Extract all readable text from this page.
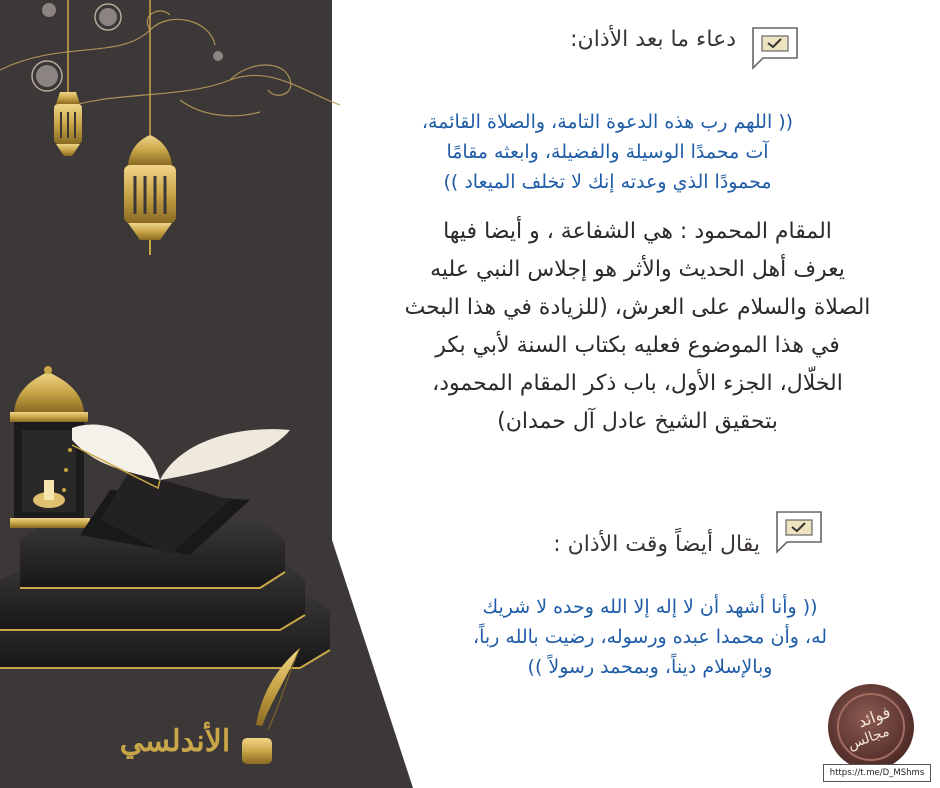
فوائد
مجالس
الأندلسي
دعاء ما بعد الأذان:
(( اللهم رب هذه الدعوة التامة، والصلاة القائمة،
آت محمدًا الوسيلة والفضيلة، وابعثه مقامًا
محمودًا الذي وعدته إنك لا تخلف الميعاد ))
المقام المحمود : هي الشفاعة ، و أيضا فيها
يعرف أهل الحديث والأثر هو إجلاس النبي عليه
الصلاة والسلام على العرش، (للزيادة في هذا البحث
في هذا الموضوع فعليه بكتاب السنة لأبي بكر
الخلّال، الجزء الأول، باب ذكر المقام المحمود،
بتحقيق الشيخ عادل آل حمدان)
يقال أيضاً وقت الأذان :
(( وأنا أشهد أن لا إله إلا الله وحده لا شريك
له، وأن محمدا عبده ورسوله، رضيت بالله رباً،
وبالإسلام ديناً، وبمحمد رسولاً ))
https://t.me/D_MShms
